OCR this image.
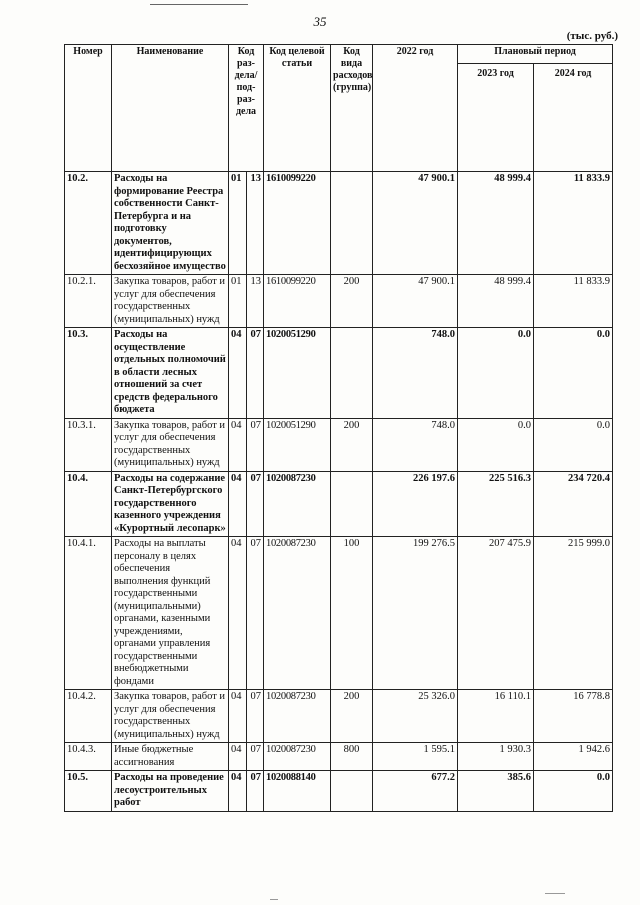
35
(тыс. руб.)
Номер	Наименование	Код раз-дела/ под-раз-дела		Код целевой статьи	Код вида расходов (группа)	2022 год	Плановый период	
							2023 год	2024 год
10.2.	Расходы на формирование Реестра собственности Санкт-Петербурга и на подготовку документов, идентифицирующих бесхозяйное имущество	01	13	1610099220		47 900.1	48 999.4	11 833.9
10.2.1.	Закупка товаров, работ и услуг для обеспечения государственных (муниципальных) нужд	01	13	1610099220	200	47 900.1	48 999.4	11 833.9
10.3.	Расходы на осуществление отдельных полномочий в области лесных отношений за счет средств федерального бюджета	04	07	1020051290		748.0	0.0	0.0
10.3.1.	Закупка товаров, работ и услуг для обеспечения государственных (муниципальных) нужд	04	07	1020051290	200	748.0	0.0	0.0
10.4.	Расходы на содержание Санкт-Петербургского государственного казенного учреждения «Курортный лесопарк»	04	07	1020087230		226 197.6	225 516.3	234 720.4
10.4.1.	Расходы на выплаты персоналу в целях обеспечения выполнения функций государственными (муниципальными) органами, казенными учреждениями, органами управления государственными внебюджетными фондами	04	07	1020087230	100	199 276.5	207 475.9	215 999.0
10.4.2.	Закупка товаров, работ и услуг для обеспечения государственных (муниципальных) нужд	04	07	1020087230	200	25 326.0	16 110.1	16 778.8
10.4.3.	Иные бюджетные ассигнования	04	07	1020087230	800	1 595.1	1 930.3	1 942.6
10.5.	Расходы на проведение лесоустроительных работ	04	07	1020088140		677.2	385.6	0.0
